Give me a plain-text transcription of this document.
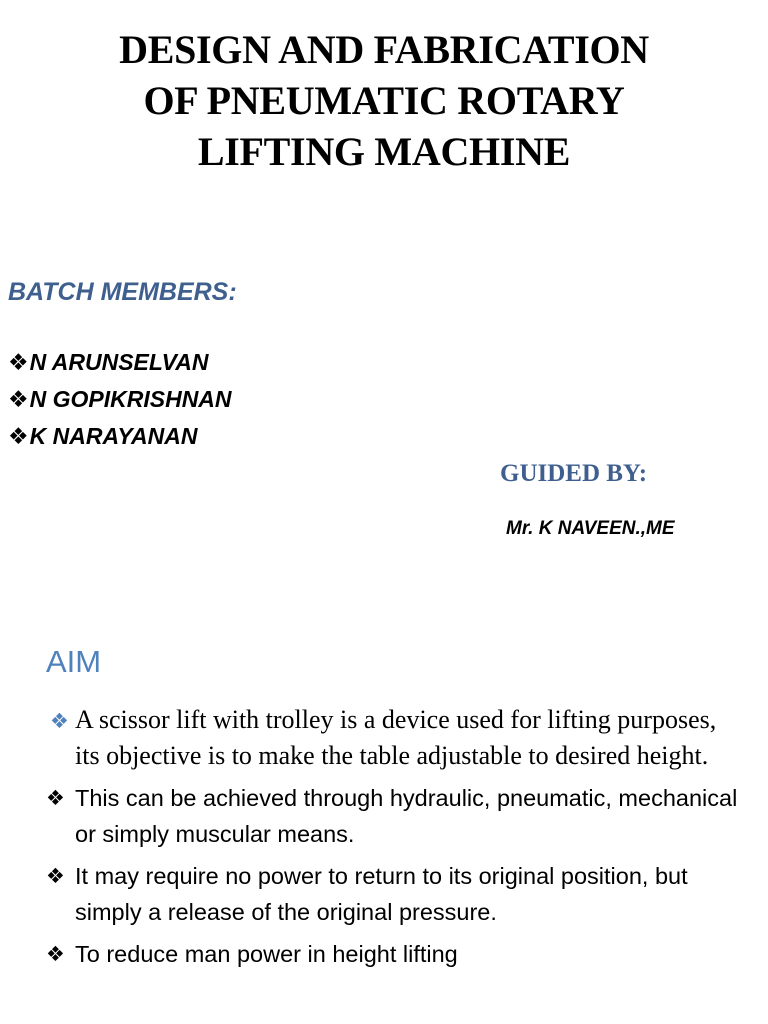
DESIGN AND FABRICATION
OF PNEUMATIC ROTARY
LIFTING MACHINE
BATCH MEMBERS:
❖N ARUNSELVAN
❖N GOPIKRISHNAN
❖K NARAYANAN
GUIDED BY:
Mr. K NAVEEN.,ME
AIM
❖ A scissor lift with trolley is a device used for lifting purposes, its objective is to make the table adjustable to desired height.
❖ This can be achieved through hydraulic, pneumatic, mechanical or simply muscular means.
❖ It may require no power to return to its original position, but simply a release of the original pressure.
❖ To reduce man power in height lifting
